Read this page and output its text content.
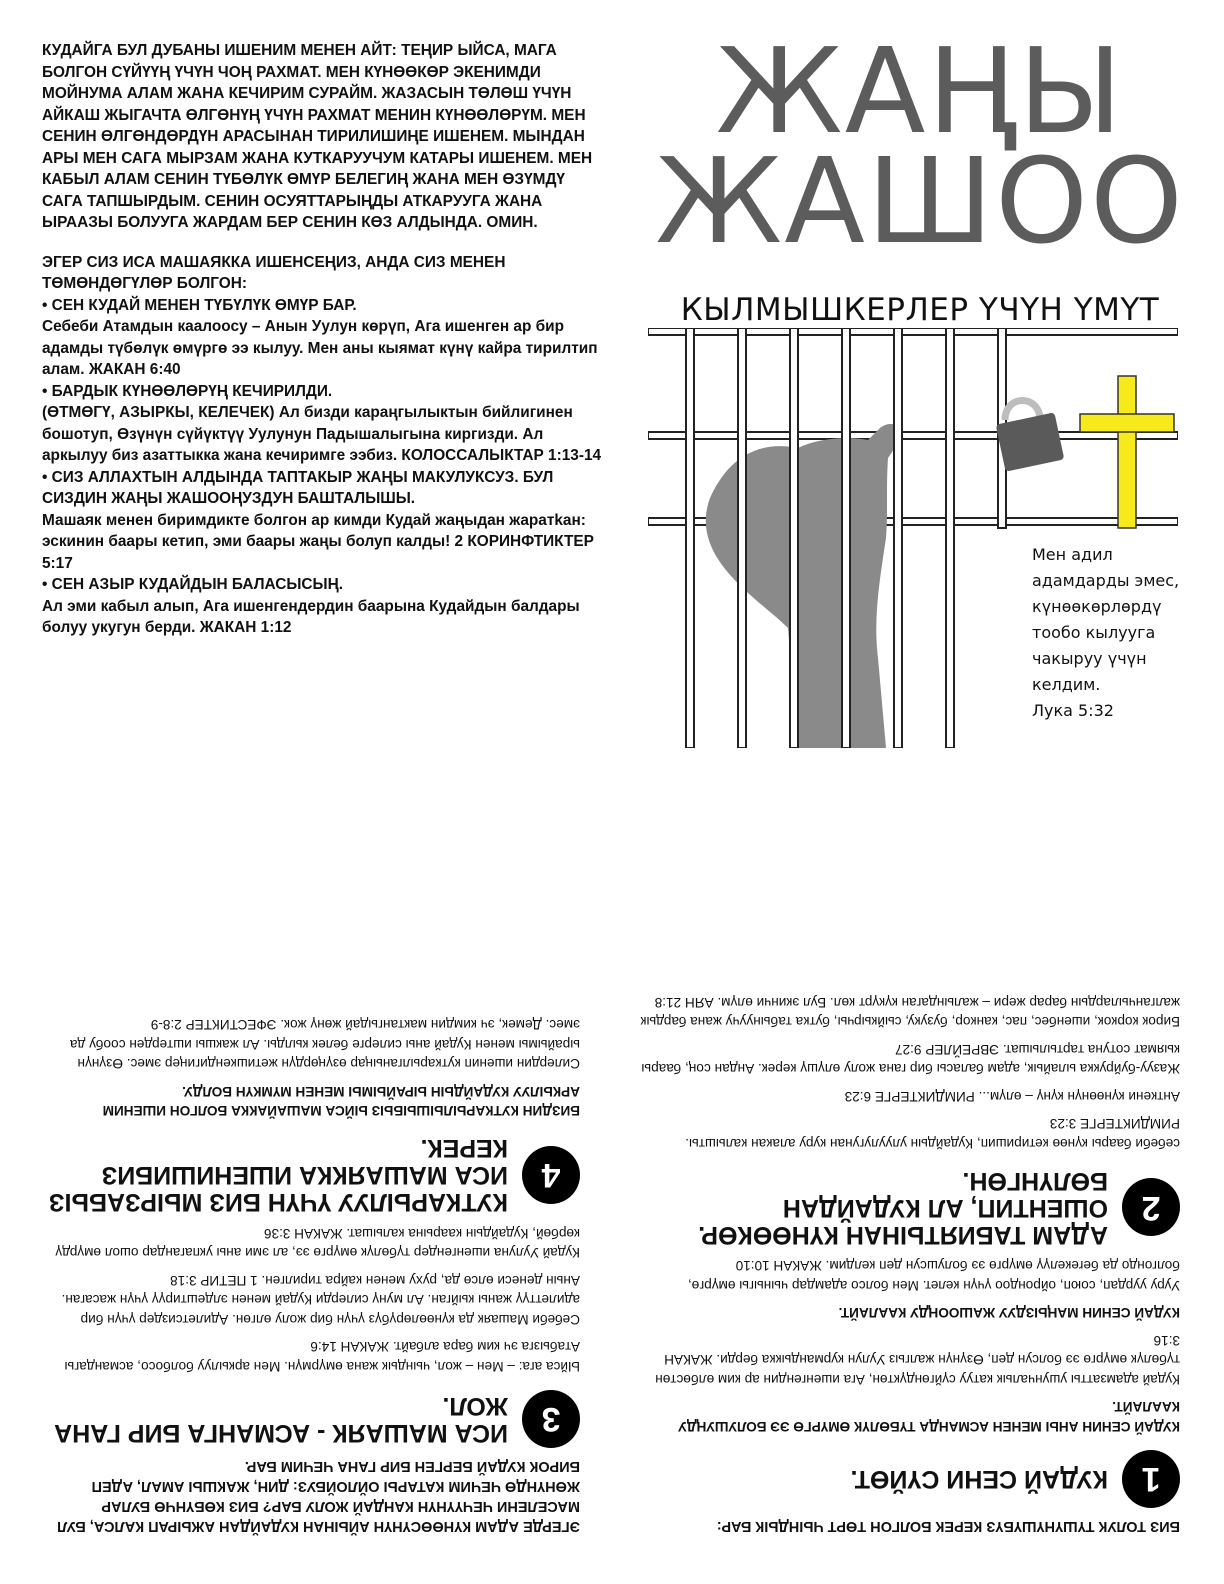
КУДАЙГА БУЛ ДУБАНЫ ИШЕНИМ МЕНЕН АЙТ: ТЕҢИР ЫЙСА, МАГА БОЛГОН СҮЙҮҮҢ ҮЧҮН ЧОҢ РАХМАТ. МЕН КҮНӨӨКӨР ЭКЕНИМДИ МОЙНУМА АЛАМ ЖАНА КЕЧИРИМ СУРАЙМ. ЖАЗАСЫН ТӨЛӨШ ҮЧҮН АЙКАШ ЖЫГАЧТА ӨЛГӨНҮҢ ҮЧҮН РАХМАТ МЕНИН КҮНӨӨЛӨРҮМ. МЕН СЕНИН ӨЛГӨНДӨРДҮН АРАСЫНАН ТИРИЛИШИҢЕ ИШЕНЕМ. МЫНДАН АРЫ МЕН САГА МЫРЗАМ ЖАНА КУТКАРУУЧУМ КАТАРЫ ИШЕНЕМ. МЕН КАБЫЛ АЛАМ СЕНИН ТҮБӨЛҮК ӨМҮР БЕЛЕГИҢ ЖАНА МЕН ӨЗҮМДҮ САГА ТАПШЫРДЫМ. СЕНИН ОСУЯТТАРЫҢДЫ АТКАРУУГА ЖАНА ЫРААЗЫ БОЛУУГА ЖАРДАМ БЕР СЕНИН КӨЗ АЛДЫНДА. ОМИН.

ЭГЕР СИЗ ИСА МАШАЯККА ИШЕНСЕҢИЗ, АНДА СИЗ МЕНЕН ТӨМӨНДӨГҮЛӨР БОЛГОН:
• СЕН КУДАЙ МЕНЕН ТҮБҮЛҮК ӨМҮР БАР.
Себеби Атамдын каалоосу – Анын Уулун көрүп, Ага ишенген ар бир адамды түбөлүк өмүргө ээ кылуу. Мен аны кыямат күнү кайра тирилтип алам. ЖАКАН 6:40
• БАРДЫК КҮНӨӨЛӨРҮҢ КЕЧИРИЛДИ.
(ӨТМӨГҮ, АЗЫРКЫ, КЕЛЕЧЕК) Ал бизди караңгылыктын бийлигинен бошотуп, Өзүнүн сүйүктүү Уулунун Падышалыгына киргизди. Ал аркылуу биз азаттыкка жана кечиримге ээбиз. КОЛОССАЛЫКТАР 1:13-14
• СИЗ АЛЛАХТЫН АЛДЫНДА ТАПТАКЫР ЖАҢЫ МАКУЛУКСУЗ. БУЛ СИЗДИН ЖАҢЫ ЖАШООҢУЗДУН БАШТАЛЫШЫ.
Машаяк менен биримдикте болгон ар кимди Кудай жаңыдан жаратkан: эскинин баары кетип, эми баары жаңы болуп калды! 2 КОРИНФТИКТЕР 5:17
• СЕН АЗЫР КУДАЙДЫН БАЛАСЫСЫҢ.
Ал эми кабыл алып, Ага ишенгендердин баарына Кудайдын балдары болуу укугун берди. ЖАКАН 1:12
ЖАҢЫ
ЖАШОО
КЫЛМЫШКЕРЛЕР ҮЧҮН ҮМҮТ
Мен адил адамдарды эмес, күнөөкөрлөрдү тообо кылууга чакыруу үчүн келдим.
Лука 5:32

БИЗ ТОЛУК ТҮШҮНҮШҮБҮЗ КЕРЕК БОЛГОН ТӨРТ ЧЫНДЫК БАР:

1
КУДАЙ СЕНИ СҮЙӨТ.

КУДАЙ СЕНИН АНЫ МЕНЕН АСМАНДА ТҮБӨЛҮК ӨМҮРГӨ ЭЭ БОЛУШУҢДУ КААЛАЙТ.

Кудай адамзатты ушунчалык катуу сүйгөндүктөн, Ага ишенгендин ар ким өлбөстөн түбөлүк өмүргө ээ болсун деп, Өзүнүн жалгыз Уулун курмандыкка берди. ЖАКАН 3:16

КУДАЙ СЕНИН МАҢЫЗДУУ ЖАШООҢДУ КААЛАЙТ.

Ууру уурдап, союп, ойрондоо үчүн келет. Мен болсо адамдар чыныгы өмүргө, болгондо да бerекелүү өмүргө ээ болушсун деп келдим. ЖАКАН 10:10

2
АДАМ ТАБИЯТЫНАН КҮНӨӨКӨР. ОШЕНТИП, АЛ КУДАЙДАН БӨЛҮНГӨН.

себеби баары күнөө кетиришип, Кудайдын улуулугунан куру алакан калышты. РИМДИКТЕРГЕ 3:23

Анткени күнөөнүн күнү – өлүм... РИМДИКТЕРГЕ 6:23

Жазуу-буйрукка ылайык, адам баласы бир гана жолу өлүшү керек. Андан соң, баары кыямат сотуна тартылышат. ЭВРЕЙЛЕР 9:27

Бирок коркок, ишенбес, пас, канкор, бузуку, сыйкырчы, бутка табынуучу жана бардык жалганчылардын барар жери – жалындаган күкүрт көл. Бул экинчи өлүм. АЯН 21:8

ЭГЕРДЕ АДАМ КҮНӨӨСҮНҮН АЙЫНАН КУДАЙДАН АЖЫРАП КАЛСА, БУЛ МАСЕЛЕНИ ЧЕЧҮҮНҮН КАНДАЙ ЖОЛУ БАР? БИЗ КӨБҮНЧӨ БУЛАР ЖӨНҮНДӨ ЧЕЧИМ КАТАРЫ ОЙЛОЙБУЗ: ДИН, ЖАКШЫ АМАЛ, АДЕП БИРОК КУДАЙ БЕРГЕН БИР ГАНА ЧЕЧИМ БАР.

3
ИСА МАШАЯК - АСМАНГА БИР ГАНА ЖОЛ.

Ыйса ага: – Мен – жол, чындык жана өмүрмүн. Мен аркылуу болбосо, асмандагы Атабызга эч ким бара албайт. ЖАКАН 14:6

Себеби Машаяк да күнөөлөрүбүз үчүн бир жолу өлгөн. Адилетсиздер үчүн бир адилеттүү жаны кыйган. Ал мунү силерди Кудай менен элдештирүү үчүн жасаган. Анын денеси өлсө да, руху менен кайра тирилген. 1 ПЕТИР 3:18

Кудай Уулуна ишенгендер түбөлүк өмүргө ээ, ал эми аны укпагандар ошол өмүрдү көрбөй, Кудайдын каарына калышат. ЖАКАН 3:36

4
КУТКАРЫЛУУ ҮЧҮН БИЗ МЫРЗАБЫЗ ИСА МАШАЯККА ИШЕНИШИБИЗ КЕРЕК.

БИЗДИН КУТКАРЫЛЫШЫБЫЗ ЫЙСА МАШАЙАККА БОЛГОН ИШЕНИМ АРКЫЛУУ КУДАЙДЫН ЫРАЙЫМЫ МЕНЕН МҮМКҮН БОЛДУ.

Силердин ишенип куткарылганыңар өзүңөрдүн жетишкендигиңер эмес. Өзүнүн ырайымы менен Кудай аны силерге белек кылды. Ал жакшы иштерден сообу да эмес. Демек, эч кимдин мактангыдай жөнү жок. ЭФЕСТИКТЕР 2:8-9
